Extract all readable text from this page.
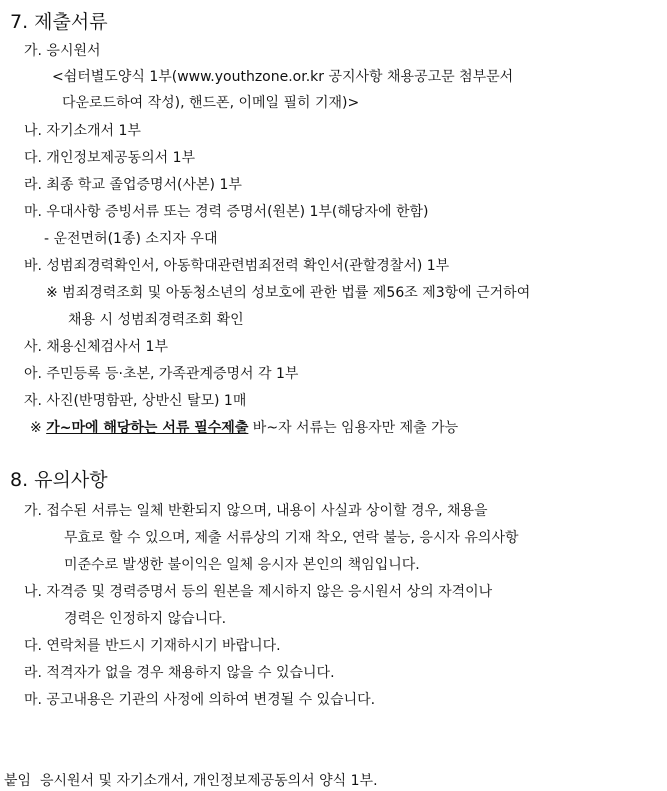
7. 제출서류
가. 응시원서
<쉼터별도양식 1부(www.youthzone.or.kr 공지사항 채용공고문 첨부문서
다운로드하여 작성), 핸드폰, 이메일 필히 기재)>
나. 자기소개서 1부
다. 개인정보제공동의서 1부
라. 최종 학교 졸업증명서(사본) 1부
마. 우대사항 증빙서류 또는 경력 증명서(원본) 1부(해당자에 한함)
- 운전면허(1종) 소지자 우대
바. 성범죄경력확인서, 아동학대관련범죄전력 확인서(관할경찰서) 1부
※ 범죄경력조회 및 아동청소년의 성보호에 관한 법률 제56조 제3항에 근거하여
채용 시 성범죄경력조회 확인
사. 채용신체검사서 1부
아. 주민등록 등·초본, 가족관계증명서 각 1부
자. 사진(반명함판, 상반신 탈모) 1매
※ 가~마에 해당하는 서류 필수제출 바~자 서류는 임용자만 제출 가능
8. 유의사항
가. 접수된 서류는 일체 반환되지 않으며, 내용이 사실과 상이할 경우, 채용을
무효로 할 수 있으며, 제출 서류상의 기재 착오, 연락 불능, 응시자 유의사항
미준수로 발생한 불이익은 일체 응시자 본인의 책임입니다.
나. 자격증 및 경력증명서 등의 원본을 제시하지 않은 응시원서 상의 자격이나
경력은 인정하지 않습니다.
다. 연락처를 반드시 기재하시기 바랍니다.
라. 적격자가 없을 경우 채용하지 않을 수 있습니다.
마. 공고내용은 기관의 사정에 의하여 변경될 수 있습니다.
붙임  응시원서 및 자기소개서, 개인정보제공동의서 양식 1부.
